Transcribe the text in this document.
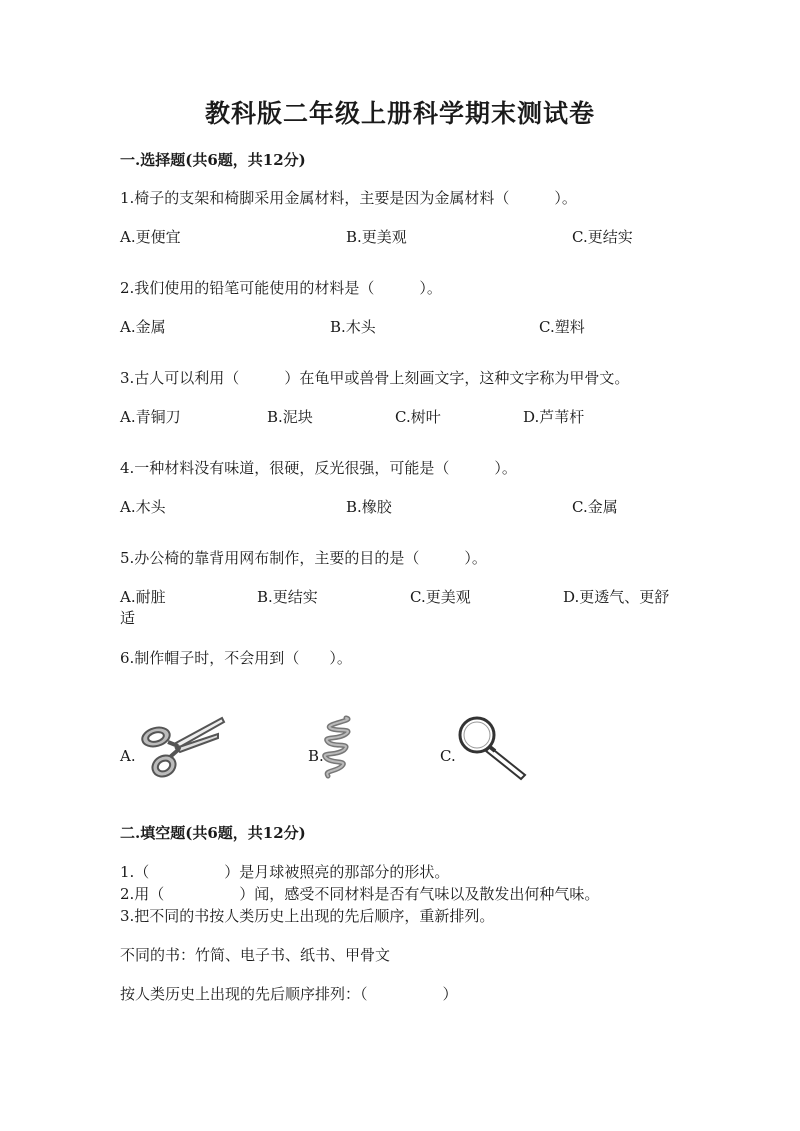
教科版二年级上册科学期末测试卷
一.选择题(共6题，共12分)
1.椅子的支架和椅脚采用金属材料，主要是因为金属材料（　　　）。
A.更便宜	B.更美观	C.更结实
2.我们使用的铅笔可能使用的材料是（　　　）。
A.金属	B.木头	C.塑料
3.古人可以利用（　　　）在龟甲或兽骨上刻画文字，这种文字称为甲骨文。
A.青铜刀	B.泥块	C.树叶	D.芦苇杆
4.一种材料没有味道，很硬，反光很强，可能是（　　　）。
A.木头	B.橡胶	C.金属
5.办公椅的靠背用网布制作，主要的目的是（　　　）。
A.耐脏	B.更结实	C.更美观	D.更透气、更舒
适
6.制作帽子时，不会用到（　　）。
A.	B.	C.
二.填空题(共6题，共12分)
1.（　　　　　）是月球被照亮的那部分的形状。
2.用（　　　　　）闻，感受不同材料是否有气味以及散发出何种气味。
3.把不同的书按人类历史上出现的先后顺序，重新排列。
不同的书：竹简、电子书、纸书、甲骨文
按人类历史上出现的先后顺序排列：（　　　　　）
